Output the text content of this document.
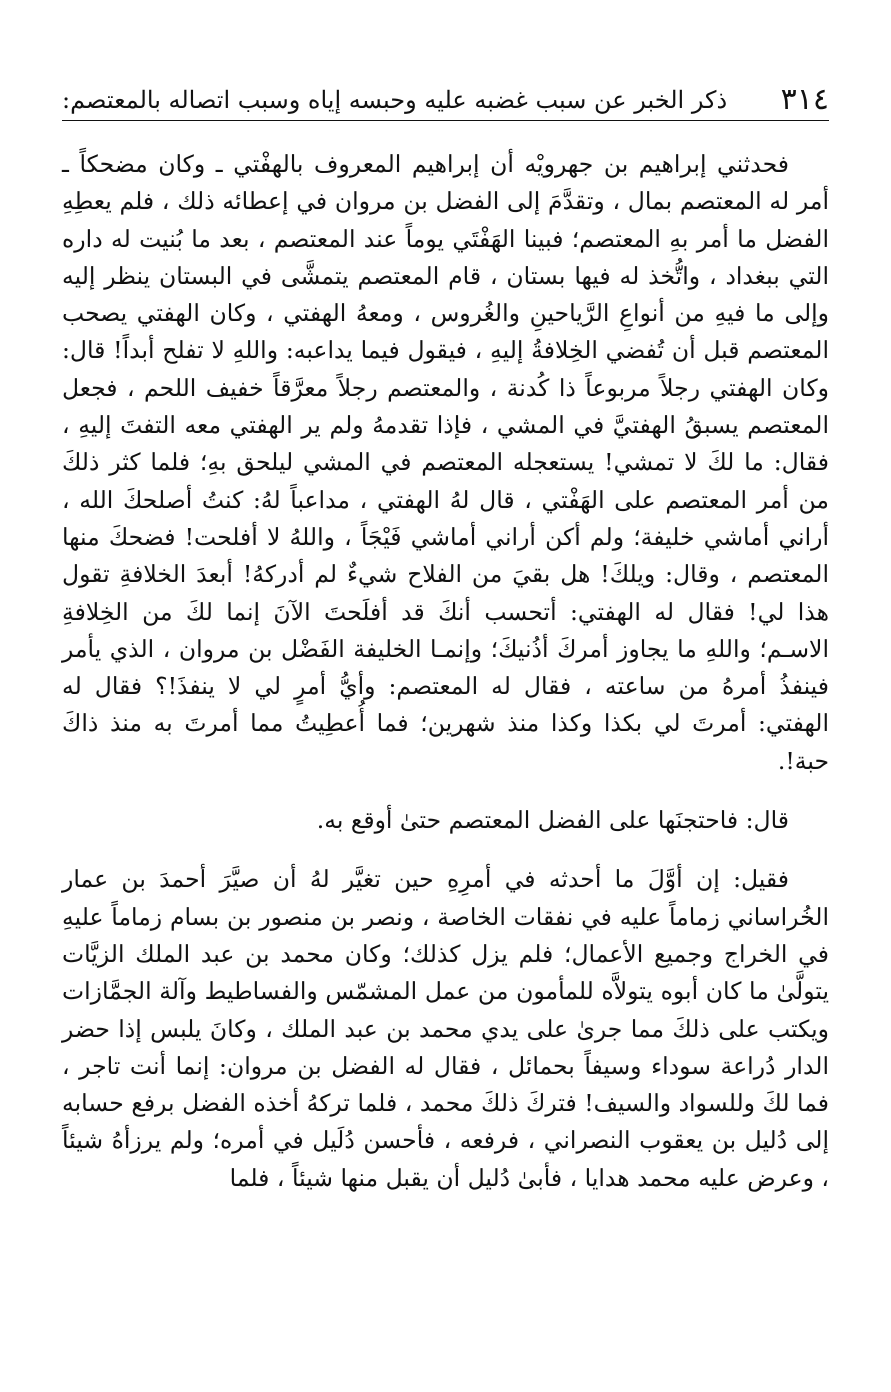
٣١٤
ذكر الخبر عن سبب غضبه عليه وحبسه إياه وسبب اتصاله بالمعتصم:

فحدثني إبراهيم بن جهرويْه أن إبراهيم المعروف بالهفْتي ـ وكان مضحكاً ـ أمر له المعتصم بمال ، وتقدَّمَ إلى الفضل بن مروان في إعطائه ذلك ، فلم يعطِهِ الفضل ما أمر بهِ المعتصم؛ فبينا الهَفْتَي يوماً عند المعتصم ، بعد ما بُنيت له داره التي ببغداد ، واتُّخذ له فيها بستان ، قام المعتصم يتمشَّى في البستان ينظر إليه وإلى ما فيهِ من أنواعِ الرَّياحينِ والغُروس ، ومعهُ الهفتي ، وكان الهفتي يصحب المعتصم قبل أن تُفضي الخِلافةُ إليهِ ، فيقول فيما يداعبه: واللهِ لا تفلح أبداً! قال: وكان الهفتي رجلاً مربوعاً ذا كُدنة ، والمعتصم رجلاً معرَّقاً خفيف اللحم ، فجعل المعتصم يسبقُ الهفتيَّ في المشي ، فإذا تقدمهُ ولم ير الهفتي معه التفتَ إليهِ ، فقال: ما لكَ لا تمشي! يستعجله المعتصم في المشي ليلحق بهِ؛ فلما كثر ذلكَ من أمر المعتصم على الهَفْتي ، قال لهُ الهفتي ، مداعباً لهُ: كنتُ أصلحكَ الله ، أراني أماشي خليفة؛ ولم أكن أراني أماشي فَيْجَاً ، واللهُ لا أفلحت! فضحكَ منها المعتصم ، وقال: ويلكَ! هل بقيَ من الفلاح شيءٌ لم أدركهُ! أبعدَ الخلافةِ تقول هذا لي! فقال له الهفتي: أتحسب أنكَ قد أفلَحتَ الآنَ إنما لكَ من الخِلافةِ الاسـم؛ واللهِ ما يجاوز أمركَ أذُنيكَ؛ وإنمـا الخليفة الفَضْل بن مروان ، الذي يأمر فينفذُ أمرهُ من ساعته ، فقال له المعتصم: وأيُّ أمرٍ لي لا ينفذَ!؟ فقال له الهفتي: أمرتَ لي بكذا وكذا منذ شهرين؛ فما أُعطِيتُ مما أمرتَ به منذ ذاكَ حبة!.

قال: فاحتجنَها على الفضل المعتصم حتىٰ أوقع به.

فقيل: إن أوَّلَ ما أحدثه في أمرِهِ حين تغيَّر لهُ أن صيَّرَ أحمدَ بن عمار الخُراساني زماماً عليه في نفقات الخاصة ، ونصر بن منصور بن بسام زماماً عليهِ في الخراج وجميع الأعمال؛ فلم يزل كذلك؛ وكان محمد بن عبد الملك الزيَّات يتولَّىٰ ما كان أبوه يتولاَّه للمأمون من عمل المشمّس والفساطيط وآلة الجمَّازات ويكتب على ذلكَ مما جرىٰ على يدي محمد بن عبد الملك ، وكانَ يلبس إذا حضر الدار دُراعة سوداء وسيفاً بحمائل ، فقال له الفضل بن مروان: إنما أنت تاجر ، فما لكَ وللسواد والسيف! فتركَ ذلكَ محمد ، فلما تركهُ أخذه الفضل برفع حسابه إلى دُليل بن يعقوب النصراني ، فرفعه ، فأحسن دُلَيل في أمره؛ ولم يرزأهُ شيئاً ، وعرض عليه محمد هدايا ، فأبىٰ دُليل أن يقبل منها شيئاً ، فلما
